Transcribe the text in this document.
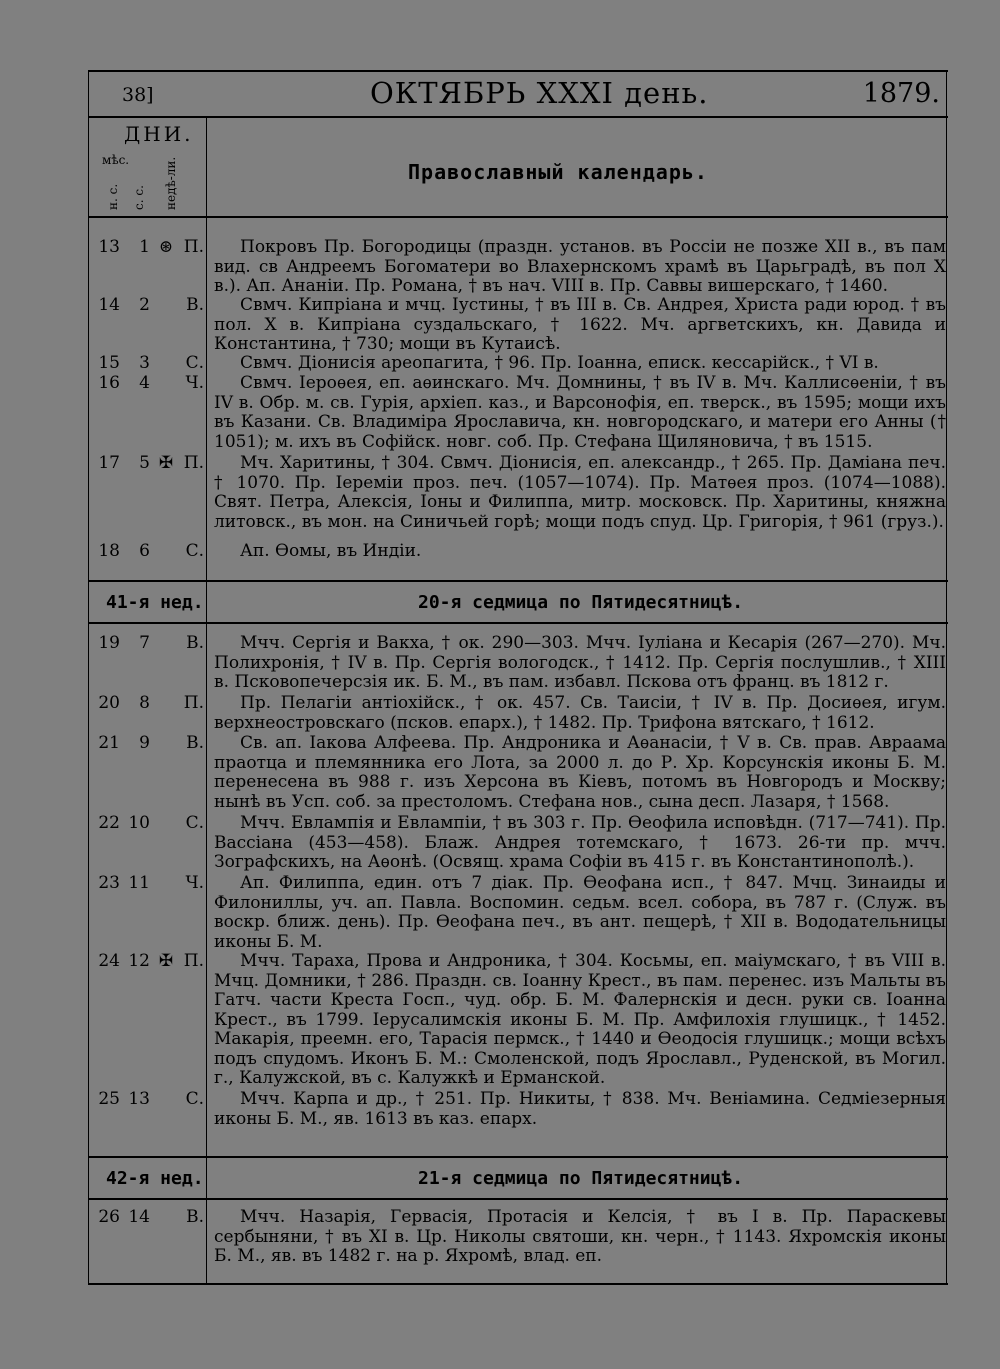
38]	ОКТЯБРЬ XXXI день.	1879.
ДНИ.
мѣс.
н. с. с. с. недѣ-ли.	Православный календарь.
13	1 ⊛ П.	Покровъ Пр. Богородицы (праздн. установ. въ Россіи не позже XII в., въ пам вид. св Андреемъ Богоматери во Влахернскомъ храмѣ въ Царьградѣ, въ пол X в.). Ап. Ананіи. Пр. Романа, † въ нач. VIII в. Пр. Саввы вишерскаго, † 1460.
14	2	В.	Свмч. Кипріана и мчц. Іустины, † въ III в. Св. Андрея, Христа ради юрод. † въ пол. X в. Кипріана суздальскаго, † 1622. Мч. аргветскихъ, кн. Давида и Константина, † 730; мощи въ Кутаисѣ.
15	3	С.	Свмч. Діонисія ареопагита, † 96. Пр. Іоанна, еписк. кессарійск., † VI в.
16	4	Ч.	Свмч. Іероѳея, еп. аѳинскаго. Мч. Домнины, † въ IV в. Мч. Каллисѳеніи, † въ IV в. Обр. м. св. Гурія, архіеп. каз., и Варсонофія, еп. тверск., въ 1595; мощи ихъ въ Казани. Св. Владиміра Ярославича, кн. новгородскаго, и матери его Анны († 1051); м. ихъ въ Софійск. новг. соб. Пр. Стефана Щиляновича, † въ 1515.
17	5 ✠ П.	Мч. Харитины, † 304. Свмч. Діонисія, еп. александр., † 265. Пр. Даміана печ. † 1070. Пр. Іереміи проз. печ. (1057—1074). Пр. Матѳея проз. (1074—1088). Свят. Петра, Алексія, Іоны и Филиппа, митр. московск. Пр. Харитины, княжна литовск., въ мон. на Синичьей горѣ; мощи подъ спуд. Цр. Григорія, † 961 (груз.).
18	6	С.	Ап. Ѳомы, въ Индіи.
41-я нед.	20-я седмица по Пятидесятницѣ.
19	7	В.	Мчч. Сергія и Вакха, † ок. 290—303. Мчч. Іуліана и Кесарія (267—270). Мч. Полихронія, † IV в. Пр. Сергія вологодск., † 1412. Пр. Сергія послушлив., † XIII в. Псковопечерсзія ик. Б. М., въ пам. избавл. Пскова отъ франц. въ 1812 г.
20	8	П.	Пр. Пелагіи антіохійск., † ок. 457. Св. Таисіи, † IV в. Пр. Досиѳея, игум. верхнеостровскаго (псков. епарх.), † 1482. Пр. Трифона вятскаго, † 1612.
21	9	В.	Св. ап. Іакова Алфеева. Пр. Андроника и Аѳанасіи, † V в. Св. прав. Авраама праотца и племянника его Лота, за 2000 л. до Р. Хр. Корсунскія иконы Б. М. перенесена въ 988 г. изъ Херсона въ Кіевъ, потомъ въ Новгородъ и Москву; нынѣ въ Усп. соб. за престоломъ. Стефана нов., сына десп. Лазаря, † 1568.
22 10	С.	Мчч. Евлампія и Евлампіи, † въ 303 г. Пр. Ѳеофила исповѣдн. (717—741). Пр. Вассіана (453—458). Блаж. Андрея тотемскаго, † 1673. 26-ти пр. мчч. Зографскихъ, на Аѳонѣ. (Освящ. храма Софіи въ 415 г. въ Константинополѣ.).
23 11	Ч.	Ап. Филиппа, един. отъ 7 діак. Пр. Ѳеофана исп., † 847. Мчц. Зинаиды и Филониллы, уч. ап. Павла. Воспомин. седьм. всел. собора, въ 787 г. (Служ. въ воскр. ближ. день). Пр. Ѳеофана печ., въ ант. пещерѣ, † XII в. Вододательницы иконы Б. М.
24 12 ✠ П.	Мчч. Тараха, Прова и Андроника, † 304. Косьмы, еп. маіумскаго, † въ VIII в. Мчц. Домники, † 286. Праздн. св. Іоанну Крест., въ пам. перенес. изъ Мальты въ Гатч. части Креста Госп., чуд. обр. Б. М. Фалернскія и десн. руки св. Іоанна Крест., въ 1799. Іерусалимскія иконы Б. М. Пр. Амфилохія глушицк., † 1452. Макарія, преемн. его, Тарасія пермск., † 1440 и Ѳеодосія глушицк.; мощи всѣхъ подъ спудомъ. Иконъ Б. М.: Смоленской, подъ Ярославл., Руденской, въ Могил. г., Калужской, въ с. Калужкѣ и Ерманской.
25 13	С.	Мчч. Карпа и др., † 251. Пр. Никиты, † 838. Мч. Веніамина. Седміезерныя иконы Б. М., яв. 1613 въ каз. епарх.
42-я нед.	21-я седмица по Пятидесятницѣ.
26 14	В.	Мчч. Назарія, Гервасія, Протасія и Келсія, † въ I в. Пр. Параскевы сербыняни, † въ XI в. Цр. Николы святоши, кн. черн., † 1143. Яхромскія иконы Б. М., яв. въ 1482 г. на р. Яхромѣ, влад. еп.
